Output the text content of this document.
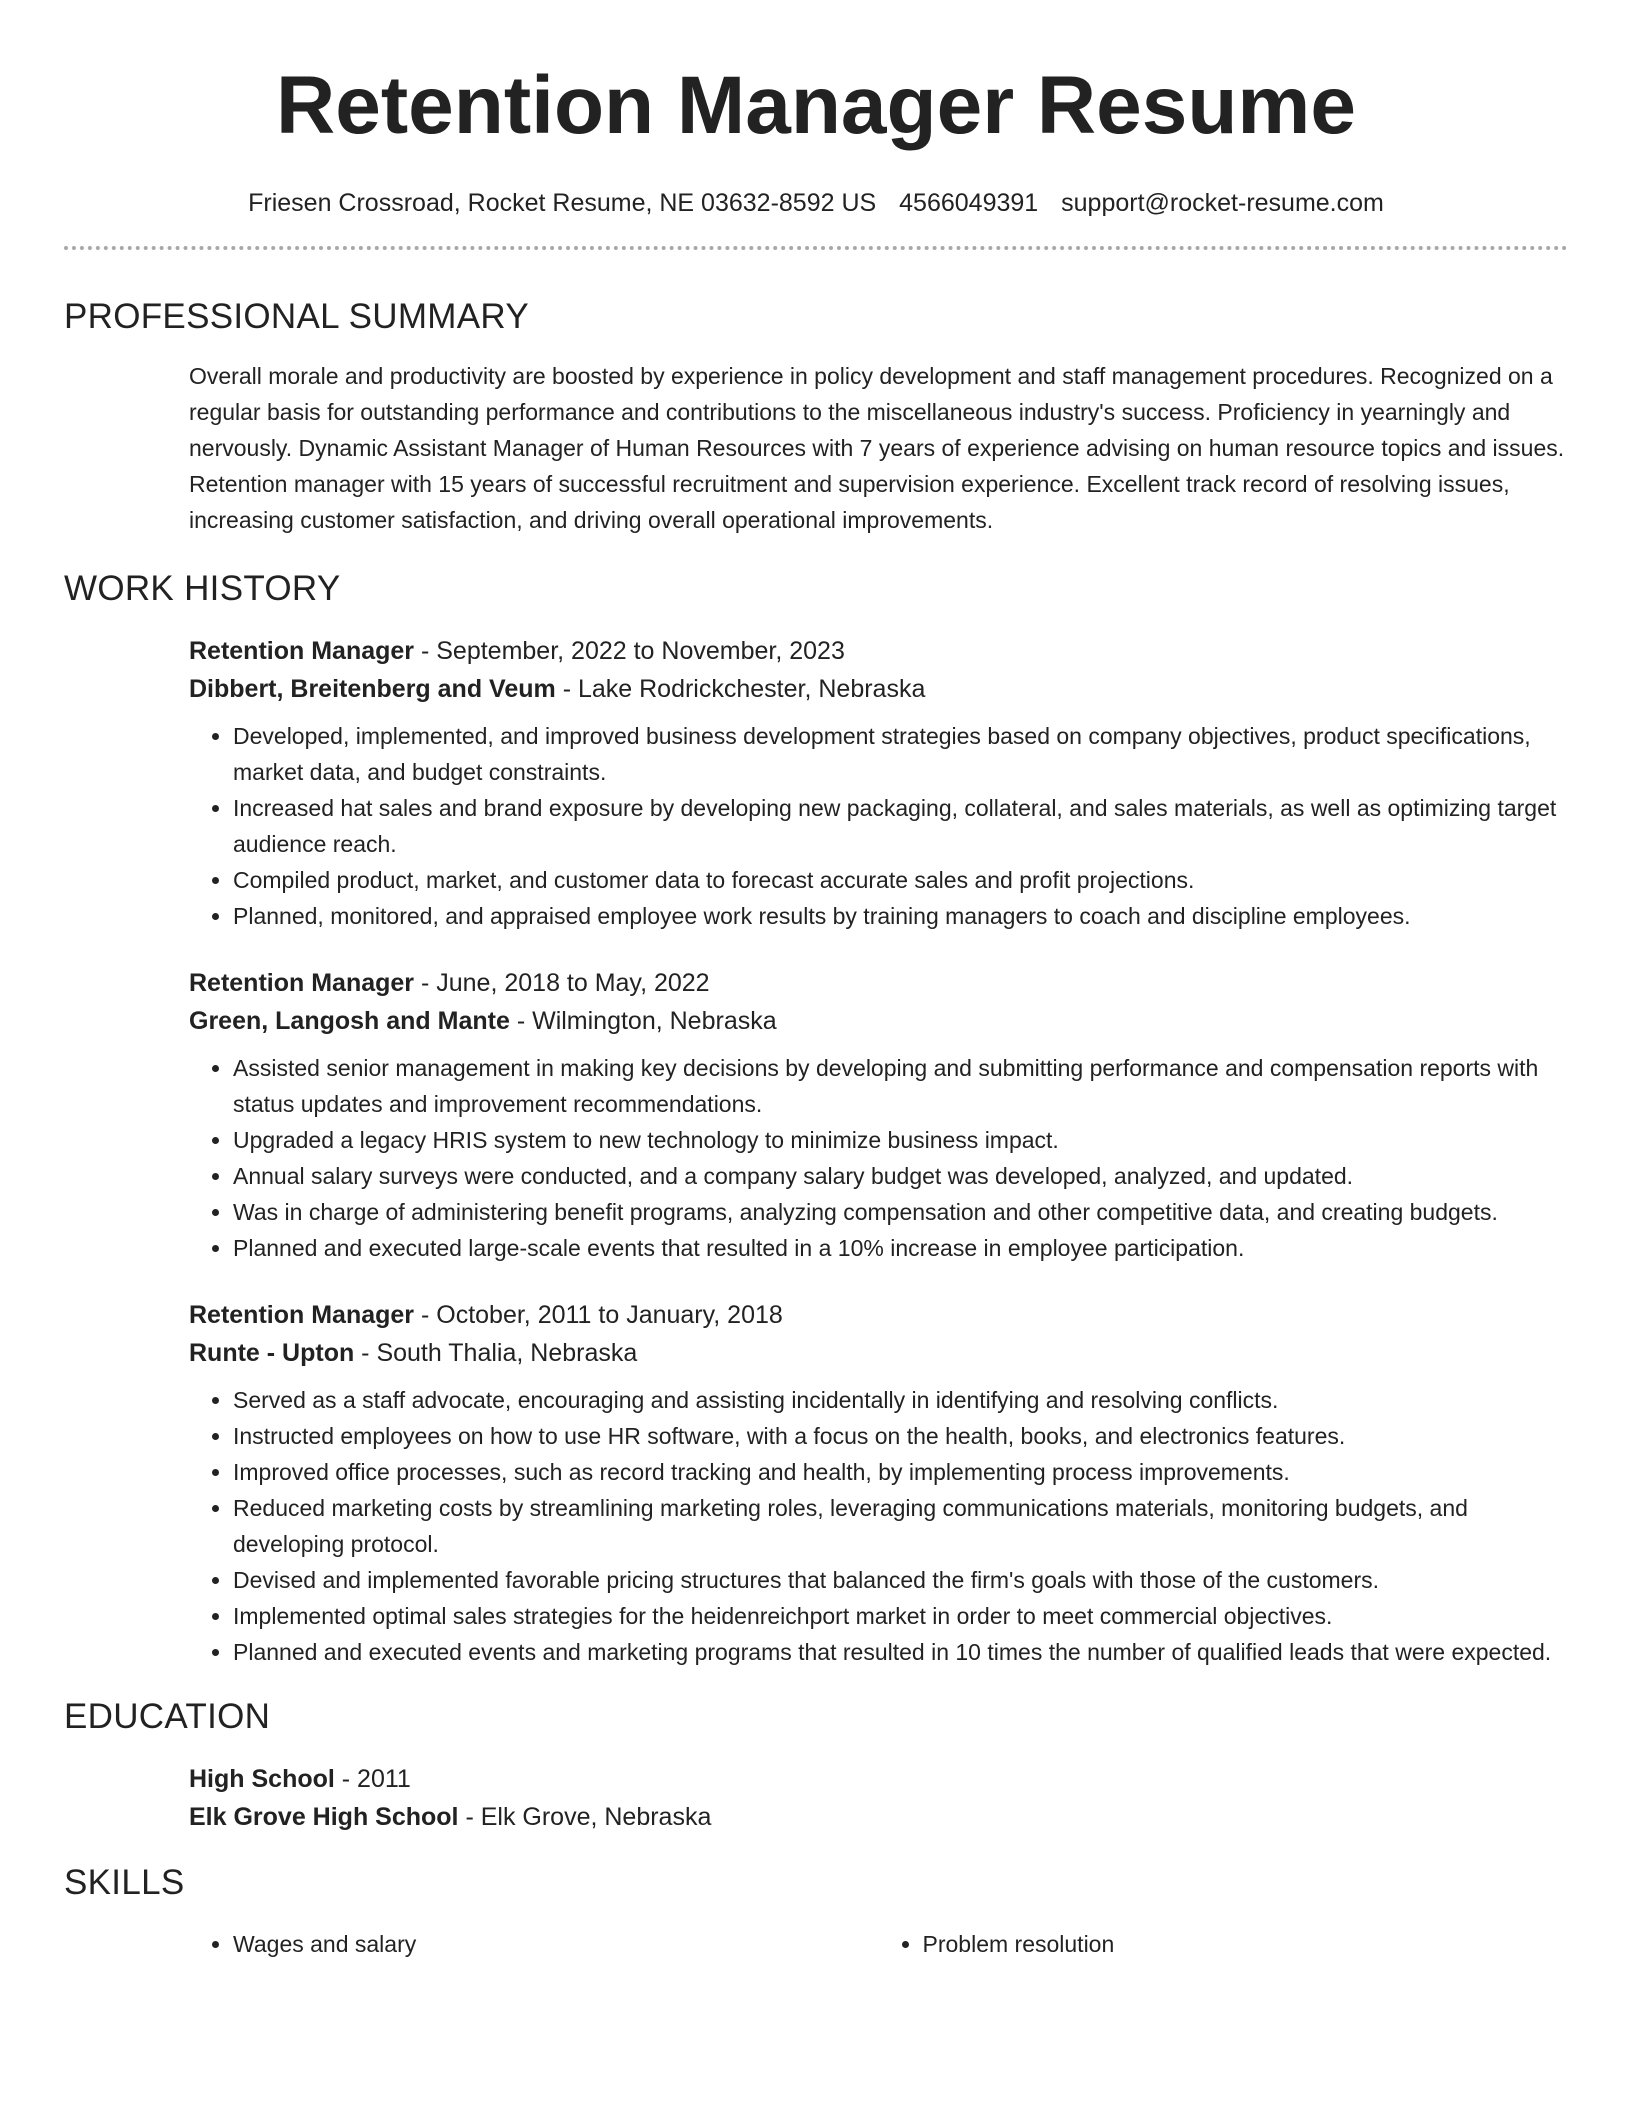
Retention Manager Resume
Friesen Crossroad, Rocket Resume, NE 03632-8592 US 4566049391 support@rocket-resume.com
PROFESSIONAL SUMMARY

Overall morale and productivity are boosted by experience in policy development and staff management procedures. Recognized on a regular basis for outstanding performance and contributions to the miscellaneous industry's success. Proficiency in yearningly and nervously. Dynamic Assistant Manager of Human Resources with 7 years of experience advising on human resource topics and issues. Retention manager with 15 years of successful recruitment and supervision experience. Excellent track record of resolving issues, increasing customer satisfaction, and driving overall operational improvements.

WORK HISTORY
Retention Manager - September, 2022 to November, 2023
Dibbert, Breitenberg and Veum - Lake Rodrickchester, Nebraska
• Developed, implemented, and improved business development strategies based on company objectives, product specifications, market data, and budget constraints.
• Increased hat sales and brand exposure by developing new packaging, collateral, and sales materials, as well as optimizing target audience reach.
• Compiled product, market, and customer data to forecast accurate sales and profit projections.
• Planned, monitored, and appraised employee work results by training managers to coach and discipline employees.
Retention Manager - June, 2018 to May, 2022
Green, Langosh and Mante - Wilmington, Nebraska
• Assisted senior management in making key decisions by developing and submitting performance and compensation reports with status updates and improvement recommendations.
• Upgraded a legacy HRIS system to new technology to minimize business impact.
• Annual salary surveys were conducted, and a company salary budget was developed, analyzed, and updated.
• Was in charge of administering benefit programs, analyzing compensation and other competitive data, and creating budgets.
• Planned and executed large-scale events that resulted in a 10% increase in employee participation.
Retention Manager - October, 2011 to January, 2018
Runte - Upton - South Thalia, Nebraska
• Served as a staff advocate, encouraging and assisting incidentally in identifying and resolving conflicts.
• Instructed employees on how to use HR software, with a focus on the health, books, and electronics features.
• Improved office processes, such as record tracking and health, by implementing process improvements.
• Reduced marketing costs by streamlining marketing roles, leveraging communications materials, monitoring budgets, and developing protocol.
• Devised and implemented favorable pricing structures that balanced the firm's goals with those of the customers.
• Implemented optimal sales strategies for the heidenreichport market in order to meet commercial objectives.
• Planned and executed events and marketing programs that resulted in 10 times the number of qualified leads that were expected.
EDUCATION
High School - 2011
Elk Grove High School - Elk Grove, Nebraska
SKILLS
• Wages and salary
•	Problem resolution
